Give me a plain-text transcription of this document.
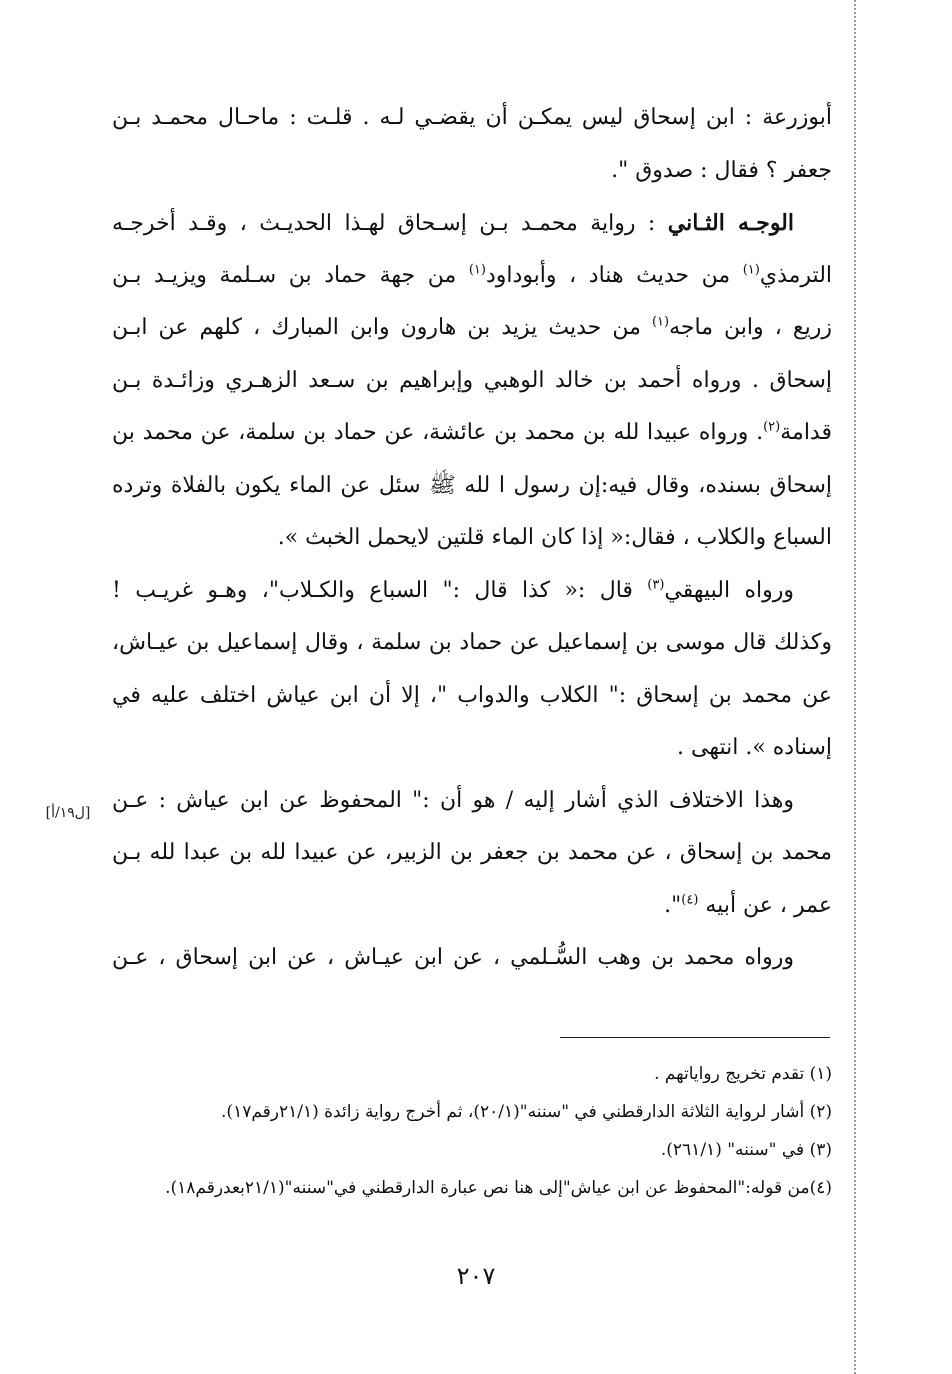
أبوزرعة : ابن إسحاق ليس يمكـن أن يقضـي لـه . قلـت : ماحـال محمـد بـن
جعفر ؟ فقال : صدوق ".
الوجـه الثـاني : رواية محمـد بـن إسـحاق لهـذا الحديـث ، وقـد أخرجـه
الترمذي$^{(١)}$ من حديث هناد ، وأبوداود$^{(١)}$ من جهة حماد بن سـلمة ويزيـد بـن
زريع ، وابن ماجه$^{(١)}$ من حديث يزيد بن هارون وابن المبارك ، كلهم عن ابـن
إسحاق . ورواه أحمد بن خالد الوهبي وإبراهيم بن سـعد الزهـري وزائـدة بـن
قدامة$^{(٢)}$. ورواه عبيدا لله بن محمد بن عائشة، عن حماد بن سلمة، عن محمد بن
إسحاق بسنده، وقال فيه:إن رسول ا لله ﷺ سئل عن الماء يكون بالفلاة وترده
السباع والكلاب ، فقال:« إذا كان الماء قلتين لايحمل الخبث ».
ورواه البيهقي$^{(٣)}$ قال :« كذا قال :" السباع والكـلاب"، وهـو غريـب !
وكذلك قال موسى بن إسماعيل عن حماد بن سلمة ، وقال إسماعيل بن عيـاش،
عن محمد بن إسحاق :" الكلاب والدواب "، إلا أن ابن عياش اختلف عليه في
إسناده ». انتهى .
وهذا الاختلاف الذي أشار إليه / هو أن :" المحفوظ عن ابن عياش : عـن
محمد بن إسحاق ، عن محمد بن جعفر بن الزبير، عن عبيدا لله بن عبدا لله بـن
عمر ، عن أبيه $^{(٤)}$".
ورواه محمد بن وهب السُّـلمي ، عن ابن عيـاش ، عن ابن إسحاق ، عـن
[ل١٩/أ]
(١) تقدم تخريج رواياتهم .
(٢) أشار لرواية الثلاثة الدارقطني في "سننه"(٢٠/١)، ثم أخرج رواية زائدة (٢١/١رقم١٧).
(٣) في "سننه" (٢٦١/١).
(٤)من قوله:"المحفوظ عن ابن عياش"إلى هنا نص عبارة الدارقطني في"سننه"(٢١/١بعدرقم١٨).
٢٠٧
